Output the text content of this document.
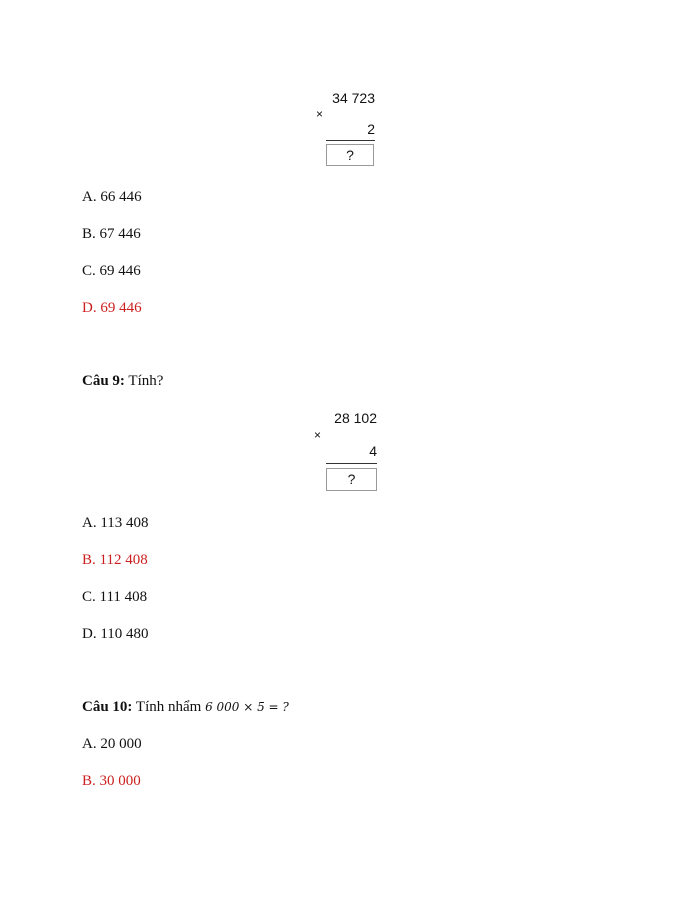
34 723
×
2
?
A. 66 446
B. 67 446
C. 69 446
D. 69 446
Câu 9: Tính?
28 102
×
4
?
A. 113 408
B. 112 408
C. 111 408
D. 110 480
Câu 10: Tính nhẩm 6 000 × 5 = ?
A. 20 000
B. 30 000
